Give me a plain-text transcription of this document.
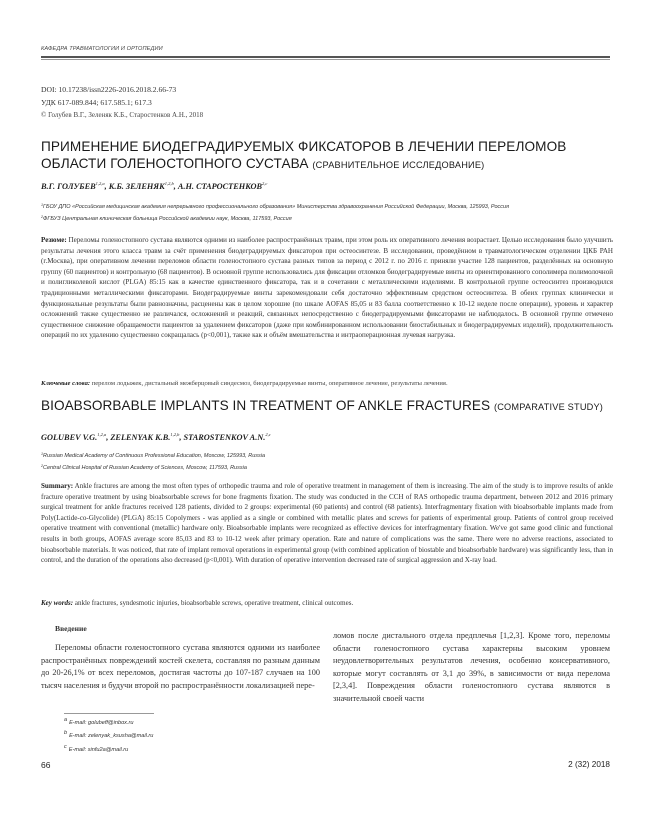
КАФЕДРА ТРАВМАТОЛОГИИ И ОРТОПЕДИИ
DOI: 10.17238/issn2226-2016.2018.2.66-73
УДК 617-089.844; 617.585.1; 617.3
© Голубев В.Г., Зеленяк К.Б., Старостенков А.Н., 2018
ПРИМЕНЕНИЕ БИОДЕГРАДИРУЕМЫХ ФИКСАТОРОВ В ЛЕЧЕНИИ ПЕРЕЛОМОВ
ОБЛАСТИ ГОЛЕНОСТОПНОГО СУСТАВА (СРАВНИТЕЛЬНОЕ ИССЛЕДОВАНИЕ)
В.Г. ГОЛУБЕВ$^{1,2,a}$, К.Б. ЗЕЛЕНЯК$^{1,2,b}$, А.Н. СТАРОСТЕНКОВ$^{2,c}$
$^1$ГБОУ ДПО «Российская медицинская академия непрерывного профессионального образования» Министерства здравоохранения Российской Федерации, Москва, 125993, Россия
$^2$ФГБУЗ Центральная клиническая больница Российской академии наук, Москва, 117593, Россия
Резюме: Переломы голеностопного сустава являются одними из наиболее распространённых травм, при этом роль их оперативного лечения возрастает. Целью исследования было улучшить результаты лечения этого класса травм за счёт применения биодеградируемых фиксаторов при остеосинтезе. В исследовании, проведённом в травматологическом отделении ЦКБ РАН (г.Москва), при оперативном лечении переломов области голеностопного сустава разных типов за период с 2012 г. по 2016 г. приняли участие 128 пациентов, разделённых на основную группу (60 пациентов) и контрольную (68 пациентов). В основной группе использовались для фиксации отломков биодеградируемые винты из ориентированного сополимера полимолочной и полигликолевой кислот (PLGA) 85:15 как в качестве единственного фиксатора, так и в сочетании с металлическими изделиями. В контрольной группе остеосинтез производился традиционными металлическими фиксаторами. Биодеградируемые винты зарекомендовали себя достаточно эффективным средством остеосинтеза. В обеих группах клинически и функциональные результаты были равнозначны, расценены как в целом хорошие (по шкале AOFAS 85,05 и 83 балла соответственно к 10-12 неделе после операции), уровень и характер осложнений также существенно не различался, осложнений и реакций, связанных непосредственно с биодеградируемыми фиксаторами не наблюдалось. В основной группе отмечено существенное снижение обращаемости пациентов за удалением фиксаторов (даже при комбинированном использовании биостабильных и биодеградируемых изделий), продолжительность операций по их удалению существенно сокращалась (p<0,001), также как и объём вмешательства и интраоперационная лучевая нагрузка.
Ключевые слова: перелом лодыжек, дистальный межберцовый синдесмоз, биодеградируемые винты, оперативное лечение, результаты лечения.
BIOABSORBABLE IMPLANTS IN TREATMENT OF ANKLE FRACTURES (COMPARATIVE STUDY)
GOLUBEV V.G.$^{1,2,a}$, ZELENYAK K.B.$^{1,2,b}$, STAROSTENKOV A.N.$^{2,c}$
$^1$Russian Medical Academy of Continuous Professional Education, Moscow, 125993, Russia
$^2$Central Clinical Hospital of Russian Academy of Sciences, Moscow, 117593, Russia
Summary: Ankle fractures are among the most often types of orthopedic trauma and role of operative treatment in management of them is increasing. The aim of the study is to improve results of ankle fracture operative treatment by using bioabsorbable screws for bone fragments fixation. The study was conducted in the CCH of RAS orthopedic trauma department, between 2012 and 2016 primary surgical treatment for ankle fractures received 128 patients, divided to 2 groups: experimental (60 patients) and control (68 patients). Interfragmentary fixation with bioabsorbable implants made from Poly(Lactide-co-Glycolide) (PLGA) 85:15 Copolymers - was applied as a single or combined with metallic plates and screws for patients of experimental group. Patients of control group received operative treatment with conventional (metallic) hardware only. Bioabsorbable implants were recognized as effective devices for interfragmentary fixation. We've got same good clinic and functional results in both groups, AOFAS average score 85,03 and 83 to 10-12 week after primary operation. Rate and nature of complications was the same. There were no adverse reactions, associated to bioabsorbable materials. It was noticed, that rate of implant removal operations in experimental group (with combined application of biostable and bioabsorbable hardware) was significantly less, than in control, and the duration of the operations also decreased (p<0,001). With duration of operative intervention decreased rate of surgical aggression and X-ray load.
Key words: ankle fractures, syndesmotic injuries, bioabsorbable screws, operative treatment, clinical outcomes.
Введение
Переломы области голеностопного сустава являются одними из наиболее распространённых повреждений костей скелета, составляя по разным данным до 20-26,1% от всех переломов, достигая частоты до 107-187 случаев на 100 тысяч населения и будучи второй по распространённости локализацией пере-
ломов после дистального отдела предплечья [1,2,3]. Кроме того, переломы области голеностопного сустава характерны высоким уровнем неудовлетворительных результатов лечения, особенно консервативного, которые могут составлять от 3,1 до 39%, в зависимости от вида перелома [2,3,4]. Повреждения области голеностопного сустава являются в значительной своей части
$^a$ E-mail: golubeff@inbox.ru
$^b$ E-mail: zelenyak_ksusha@mail.ru
$^c$ E-mail: sinfu2a@mail.ru
66	2 (32) 2018
